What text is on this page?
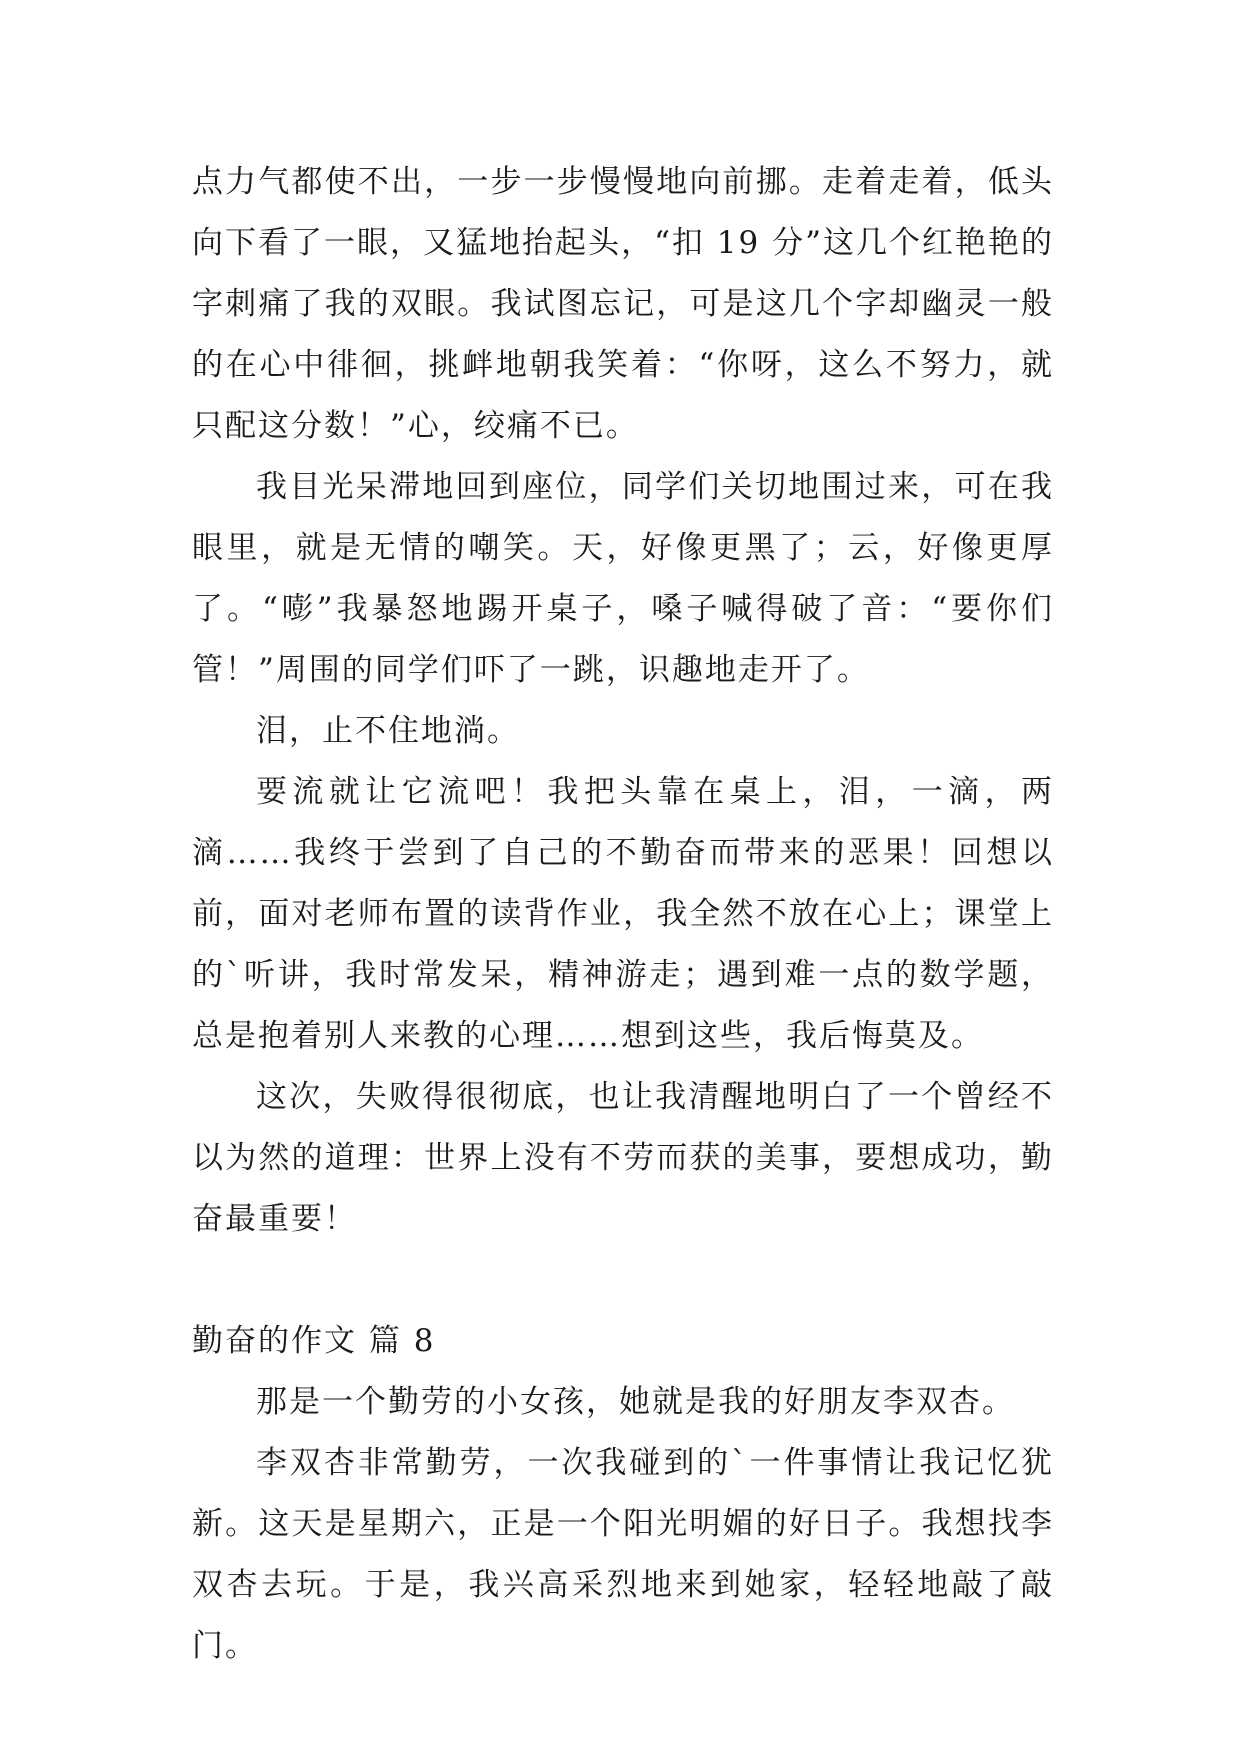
点力气都使不出，一步一步慢慢地向前挪。走着走着，低头向下看了一眼，又猛地抬起头，“扣 19 分”这几个红艳艳的字刺痛了我的双眼。我试图忘记，可是这几个字却幽灵一般的在心中徘徊，挑衅地朝我笑着：“你呀，这么不努力，就只配这分数！”心，绞痛不已。

我目光呆滞地回到座位，同学们关切地围过来，可在我眼里，就是无情的嘲笑。天，好像更黑了；云，好像更厚了。“嘭”我暴怒地踢开桌子，嗓子喊得破了音：“要你们管！”周围的同学们吓了一跳，识趣地走开了。

泪，止不住地淌。

要流就让它流吧！我把头靠在桌上，泪，一滴，两滴……我终于尝到了自己的不勤奋而带来的恶果！回想以前，面对老师布置的读背作业，我全然不放在心上；课堂上的`听讲，我时常发呆，精神游走；遇到难一点的数学题，总是抱着别人来教的心理……想到这些，我后悔莫及。

这次，失败得很彻底，也让我清醒地明白了一个曾经不以为然的道理：世界上没有不劳而获的美事，要想成功，勤奋最重要！

勤奋的作文 篇 8

那是一个勤劳的小女孩，她就是我的好朋友李双杏。

李双杏非常勤劳，一次我碰到的`一件事情让我记忆犹新。这天是星期六，正是一个阳光明媚的好日子。我想找李双杏去玩。于是，我兴高采烈地来到她家，轻轻地敲了敲门。
